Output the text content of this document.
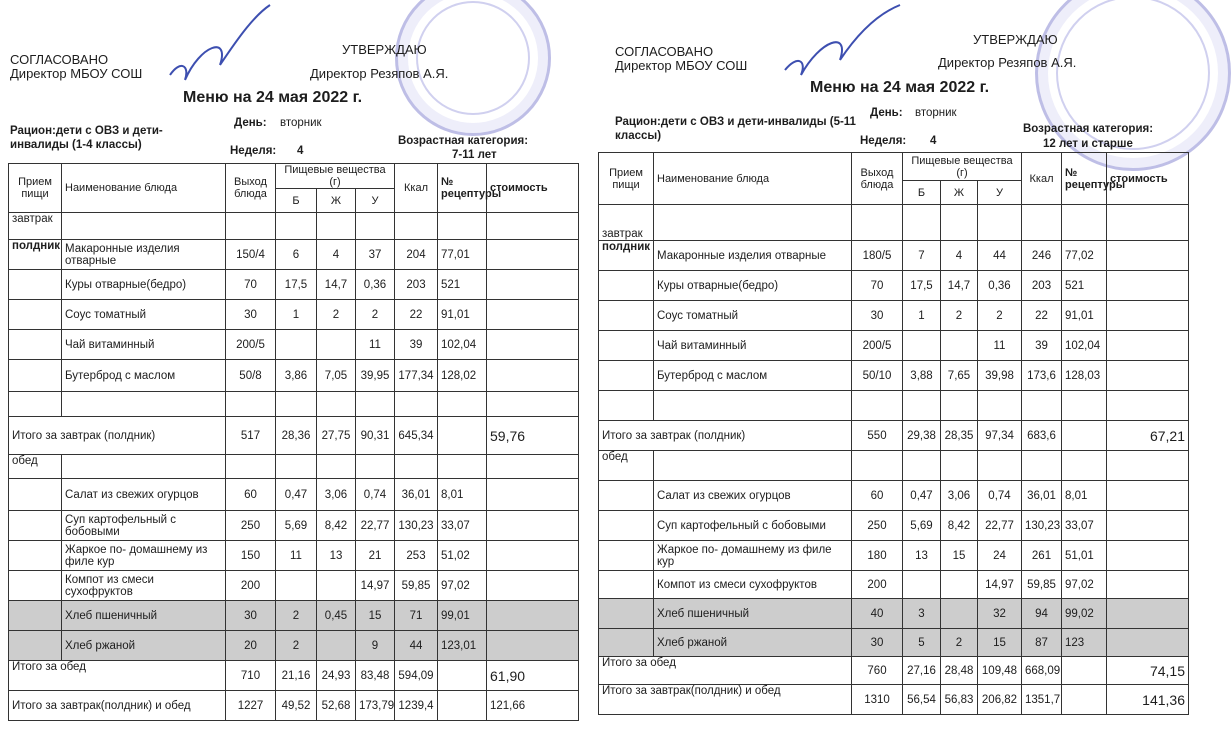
СОГЛАСОВАНО
Директор МБОУ СОШ
УТВЕРЖДАЮ
Директор Резяпов А.Я.
Меню на 24 мая 2022 г.
Рацион:дети с ОВЗ и дети-инвалиды (1-4 классы)
День: вторник
Неделя: 4
Возрастная категория:
7-11 лет
Прием пищи	Наименование блюда	Выход блюда	Пищевые вещества (г)			Ккал	№ рецептуры	стоимость
			Б	Ж	У			
завтрак								
полдник	Макаронные изделия отварные	150/4	6	4	37	204	77,01	
	Куры отварные(бедро)	70	17,5	14,7	0,36	203	521	
	Соус томатный	30	1	2	2	22	91,01	
	Чай витаминный	200/5			11	39	102,04	
	Бутерброд с маслом	50/8	3,86	7,05	39,95	177,34	128,02	

Итого за завтрак (полдник)		517	28,36	27,75	90,31	645,34		59,76
обед								
	Салат из свежих огурцов	60	0,47	3,06	0,74	36,01	8,01	
	Суп картофельный с бобовыми	250	5,69	8,42	22,77	130,23	33,07	
	Жаркое по- домашнему из филе кур	150	11	13	21	253	51,02	
	Компот из смеси сухофруктов	200			14,97	59,85	97,02	
	Хлеб пшеничный	30	2	0,45	15	71	99,01	
	Хлеб ржаной	20	2		9	44	123,01	
Итого за обед		710	21,16	24,93	83,48	594,09		61,90
Итого за завтрак(полдник) и обед		1227	49,52	52,68	173,79	1239,4		121,66
СОГЛАСОВАНО
Директор МБОУ СОШ
УТВЕРЖДАЮ
Директор Резяпов А.Я.
Меню на 24 мая 2022 г.
Рацион:дети с ОВЗ и дети-инвалиды (5-11 классы)
День: вторник
Неделя: 4
Возрастная категория:
12 лет и старше
Прием пищи	Наименование блюда	Выход блюда	Пищевые вещества (г)			Ккал	№ рецептуры	стоимость
			Б	Ж	У			
завтрак								
полдник	Макаронные изделия отварные	180/5	7	4	44	246	77,02	
	Куры отварные(бедро)	70	17,5	14,7	0,36	203	521	
	Соус томатный	30	1	2	2	22	91,01	
	Чай витаминный	200/5			11	39	102,04	
	Бутерброд с маслом	50/10	3,88	7,65	39,98	173,6	128,03	

Итого за завтрак (полдник)		550	29,38	28,35	97,34	683,6		67,21
обед								
	Салат из свежих огурцов	60	0,47	3,06	0,74	36,01	8,01	
	Суп картофельный с бобовыми	250	5,69	8,42	22,77	130,23	33,07	
	Жаркое по- домашнему из филе кур	180	13	15	24	261	51,01	
	Компот из смеси сухофруктов	200			14,97	59,85	97,02	
	Хлеб пшеничный	40	3		32	94	99,02	
	Хлеб ржаной	30	5	2	15	87	123	
Итого за обед		760	27,16	28,48	109,48	668,09		74,15
Итого за завтрак(полдник) и обед		1310	56,54	56,83	206,82	1351,7		141,36
